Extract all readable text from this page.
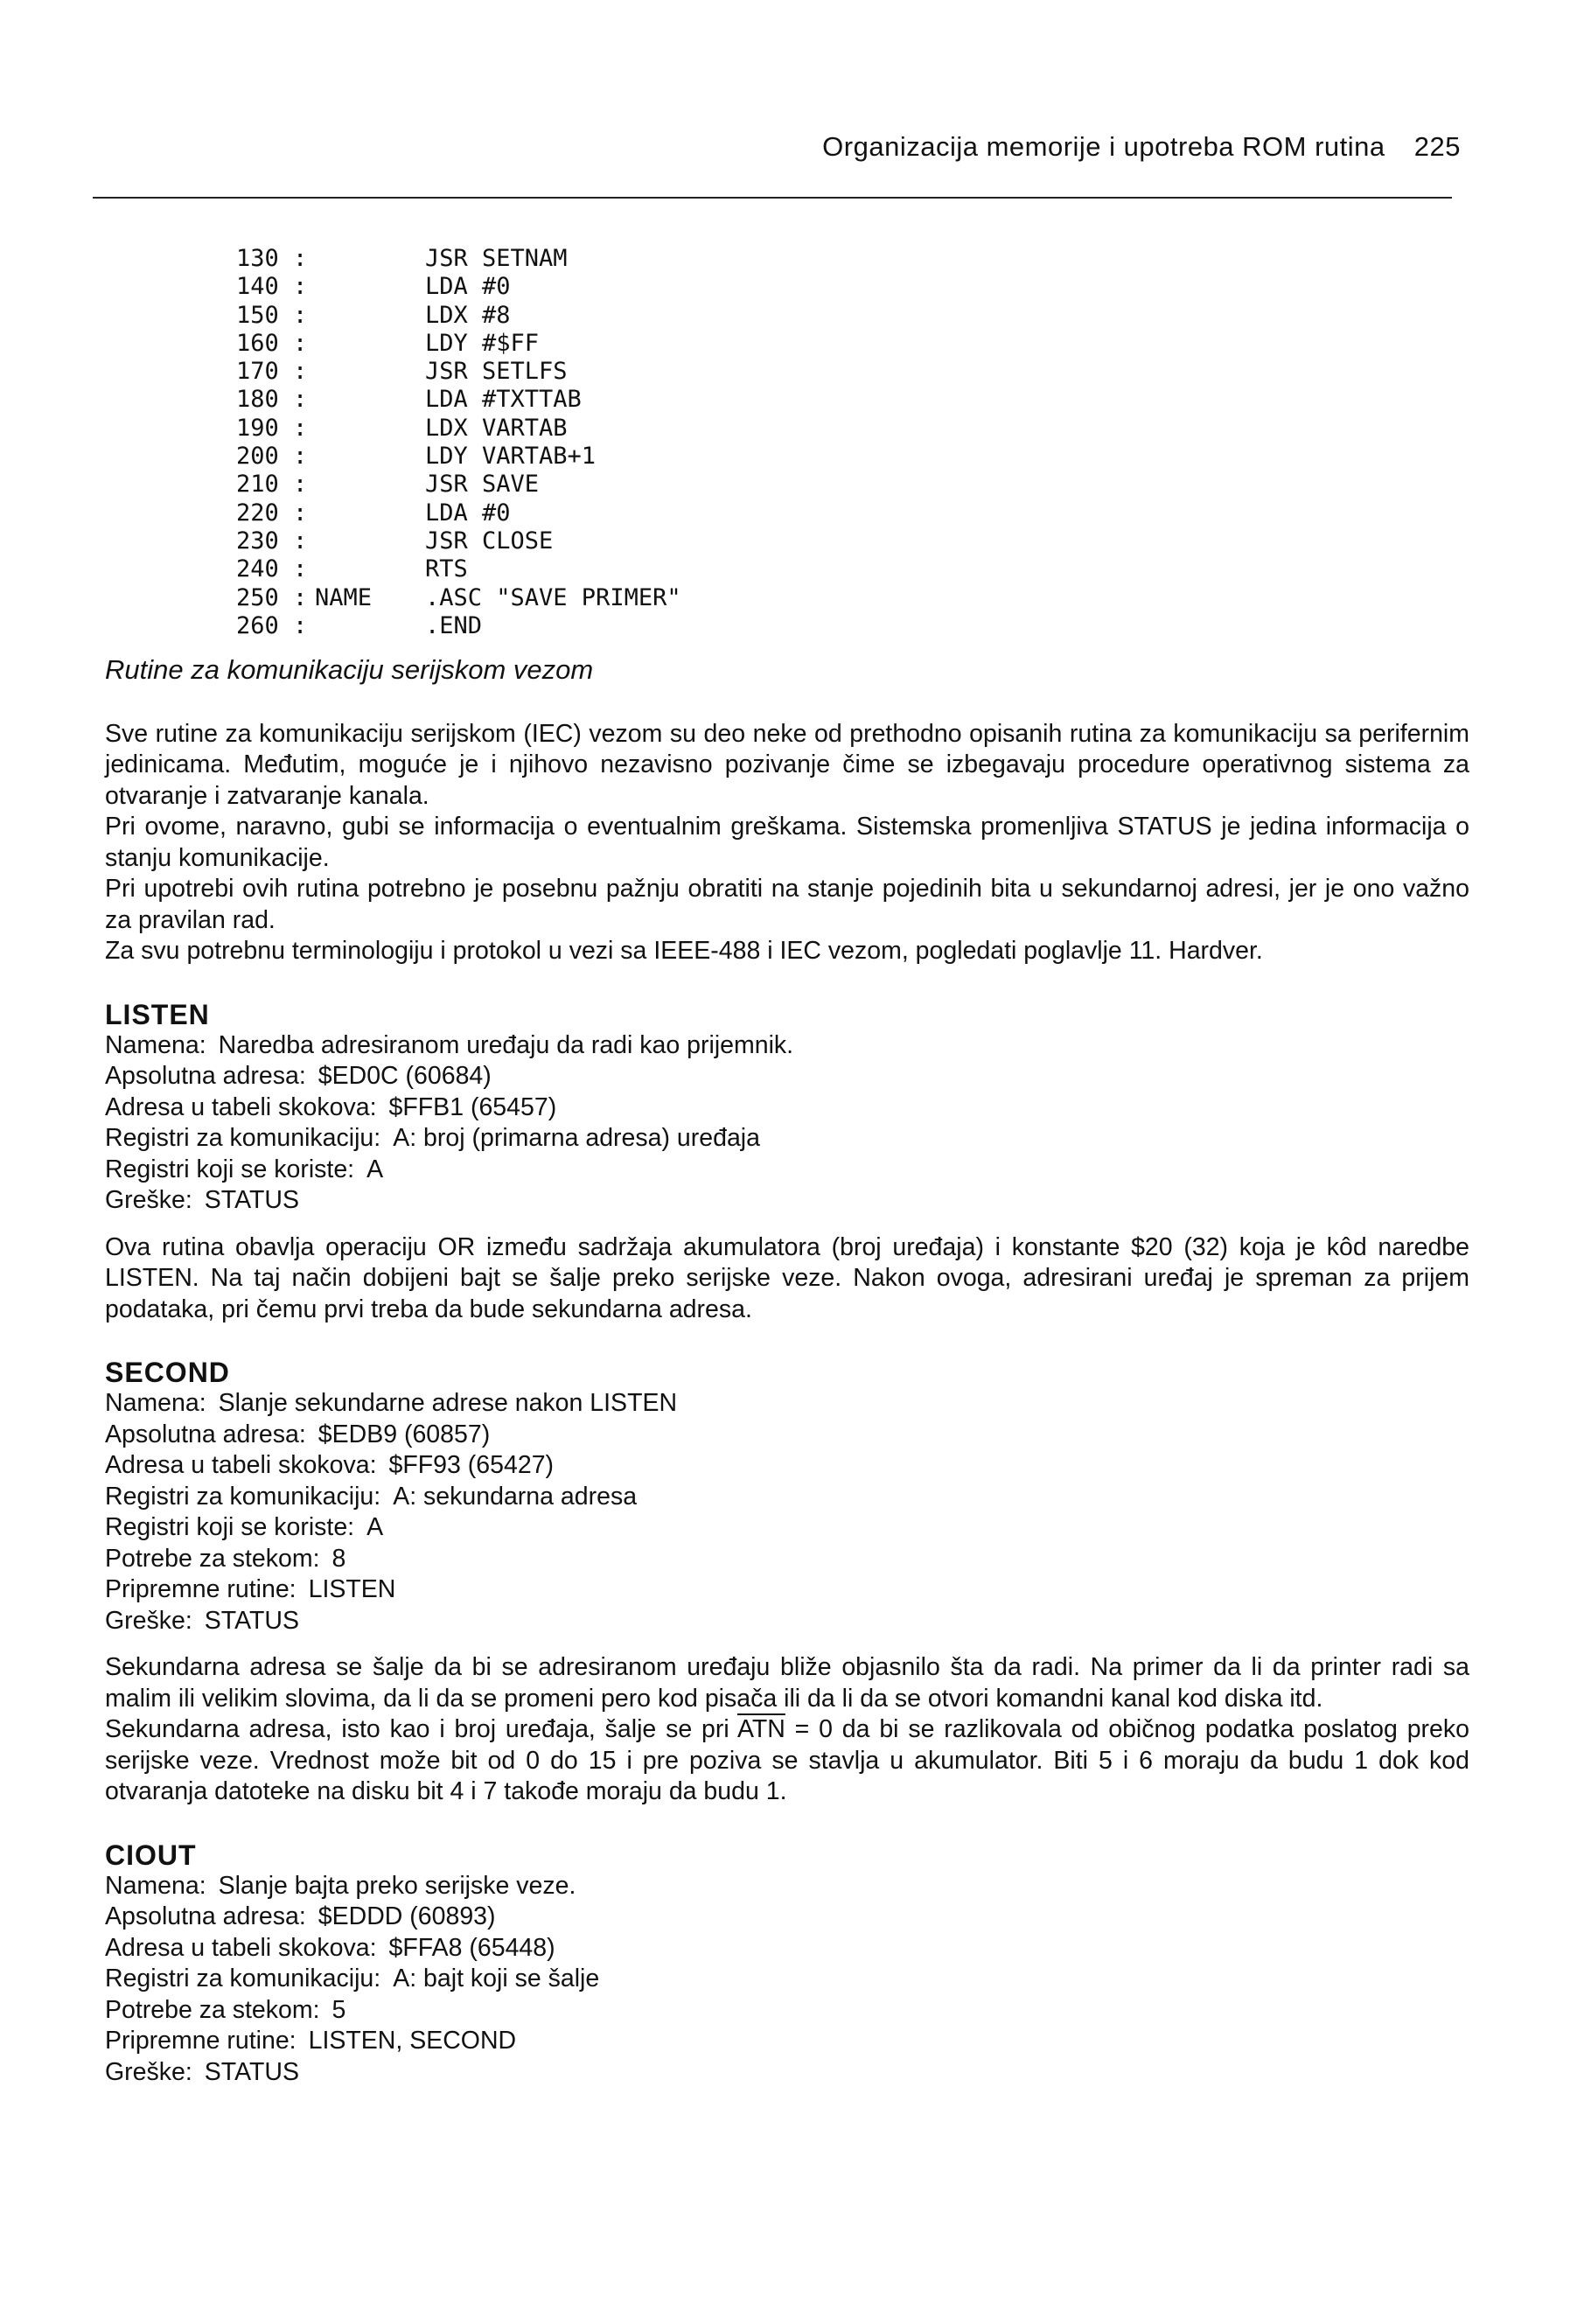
Organizacija memorije i upotreba ROM rutina 225
130 :	JSR SETNAM
140 :	LDA #0
150 :	LDX #8
160 :	LDY #$FF
170 :	JSR SETLFS
180 :	LDA #TXTTAB
190 :	LDX VARTAB
200 :	LDY VARTAB+1
210 :	JSR SAVE
220 :	LDA #0
230 :	JSR CLOSE
240 :	RTS
250 : NAME .ASC "SAVE PRIMER"
260 :	.END
Rutine za komunikaciju serijskom vezom

Sve rutine za komunikaciju serijskom (IEC) vezom su deo neke od prethodno opisanih rutina za komunikaciju sa perifernim jedinicama. Međutim, moguće je i njihovo nezavisno pozivanje čime se izbegavaju procedure operativnog sistema za otvaranje i zatvaranje kanala.

Pri ovome, naravno, gubi se informacija o eventualnim greškama. Sistemska promenljiva STATUS je jedina informacija o stanju komunikacije.

Pri upotrebi ovih rutina potrebno je posebnu pažnju obratiti na stanje pojedinih bita u sekundarnoj adresi, jer je ono važno za pravilan rad.

Za svu potrebnu terminologiju i protokol u vezi sa IEEE-488 i IEC vezom, pogledati poglavlje 11. Hardver.

LISTEN
Namena: Naredba adresiranom uređaju da radi kao prijemnik.
Apsolutna adresa: $ED0C (60684)
Adresa u tabeli skokova: $FFB1 (65457)
Registri za komunikaciju: A: broj (primarna adresa) uređaja
Registri koji se koriste: A
Greške: STATUS

Ova rutina obavlja operaciju OR između sadržaja akumulatora (broj uređaja) i konstante $20 (32) koja je kôd naredbe LISTEN. Na taj način dobijeni bajt se šalje preko serijske veze. Nakon ovoga, adresirani uređaj je spreman za prijem podataka, pri čemu prvi treba da bude sekundarna adresa.

SECOND
Namena: Slanje sekundarne adrese nakon LISTEN
Apsolutna adresa: $EDB9 (60857)
Adresa u tabeli skokova: $FF93 (65427)
Registri za komunikaciju: A: sekundarna adresa
Registri koji se koriste: A
Potrebe za stekom: 8
Pripremne rutine: LISTEN
Greške: STATUS

Sekundarna adresa se šalje da bi se adresiranom uređaju bliže objasnilo šta da radi. Na primer da li da printer radi sa malim ili velikim slovima, da li da se promeni pero kod pisača ili da li da se otvori komandni kanal kod diska itd.

Sekundarna adresa, isto kao i broj uređaja, šalje se pri $\overline{ATN} = 0$ da bi se razlikovala od običnog podatka poslatog preko serijske veze. Vrednost može bit od 0 do 15 i pre poziva se stavlja u akumulator. Biti 5 i 6 moraju da budu 1 dok kod otvaranja datoteke na disku bit 4 i 7 takođe moraju da budu 1.

CIOUT
Namena: Slanje bajta preko serijske veze.
Apsolutna adresa: $EDDD (60893)
Adresa u tabeli skokova: $FFA8 (65448)
Registri za komunikaciju: A: bajt koji se šalje
Potrebe za stekom: 5
Pripremne rutine: LISTEN, SECOND
Greške: STATUS
